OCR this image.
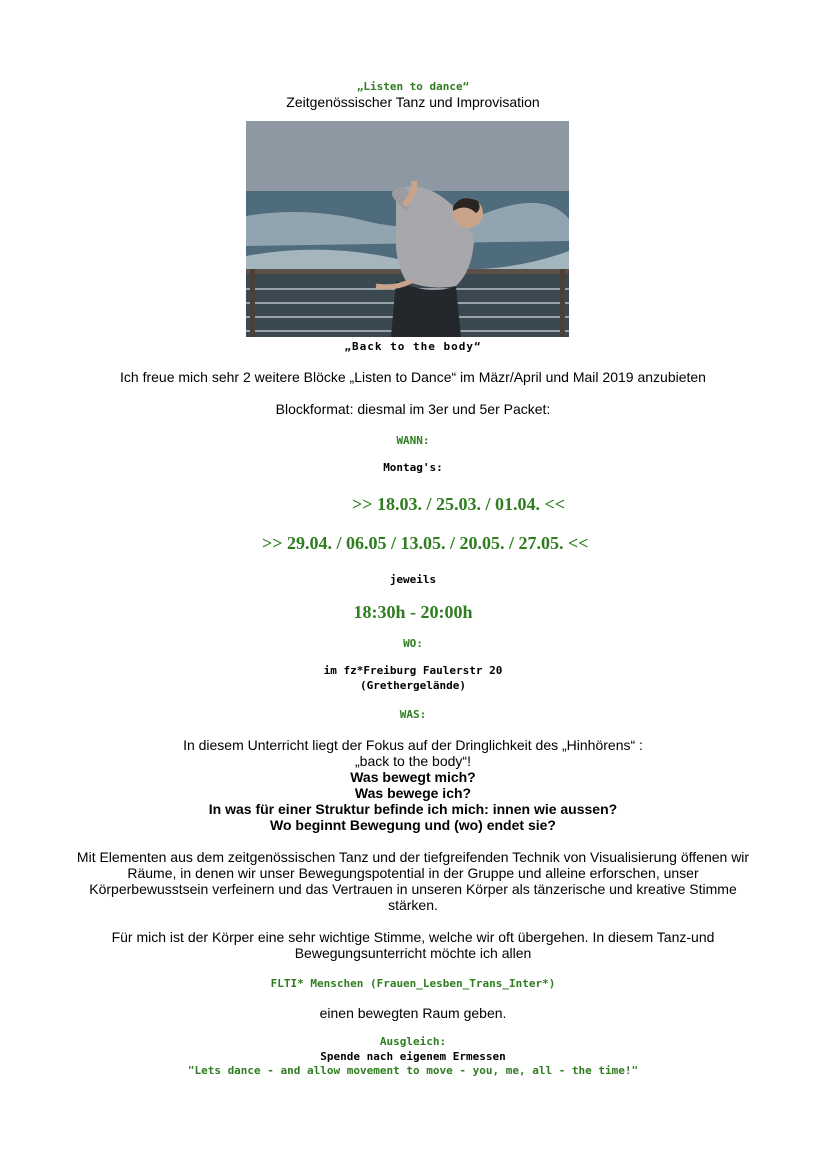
„Listen to dance“
Zeitgenössischer Tanz und Improvisation
„Back to the body“
Ich freue mich sehr 2 weitere Blöcke „Listen to Dance“ im Mäzr/April und Mail 2019 anzubieten
Blockformat: diesmal im 3er und 5er Packet:
WANN:
Montag's:
>> 18.03. / 25.03. / 01.04. <<
>> 29.04. / 06.05 / 13.05. / 20.05. / 27.05. <<
jeweils
18:30h - 20:00h
WO:
im fz*Freiburg Faulerstr 20
(Grethergelände)
WAS:
In diesem Unterricht liegt der Fokus auf der Dringlichkeit des „Hinhörens“ :
„back to the body“!
Was bewegt mich?
Was bewege ich?
In was für einer Struktur befinde ich mich: innen wie aussen?
Wo beginnt Bewegung und (wo) endet sie?
Mit Elementen aus dem zeitgenössischen Tanz und der tiefgreifenden Technik von Visualisierung öffenen wir
Räume, in denen wir unser Bewegungspotential in der Gruppe und alleine erforschen, unser
Körperbewusstsein verfeinern und das Vertrauen in unseren Körper als tänzerische und kreative Stimme
stärken.
Für mich ist der Körper eine sehr wichtige Stimme, welche wir oft übergehen. In diesem Tanz-und
Bewegungsunterricht möchte ich allen
FLTI* Menschen (Frauen_Lesben_Trans_Inter*)
einen bewegten Raum geben.
Ausgleich:
Spende nach eigenem Ermessen
"Lets dance - and allow movement to move - you, me, all - the time!"
